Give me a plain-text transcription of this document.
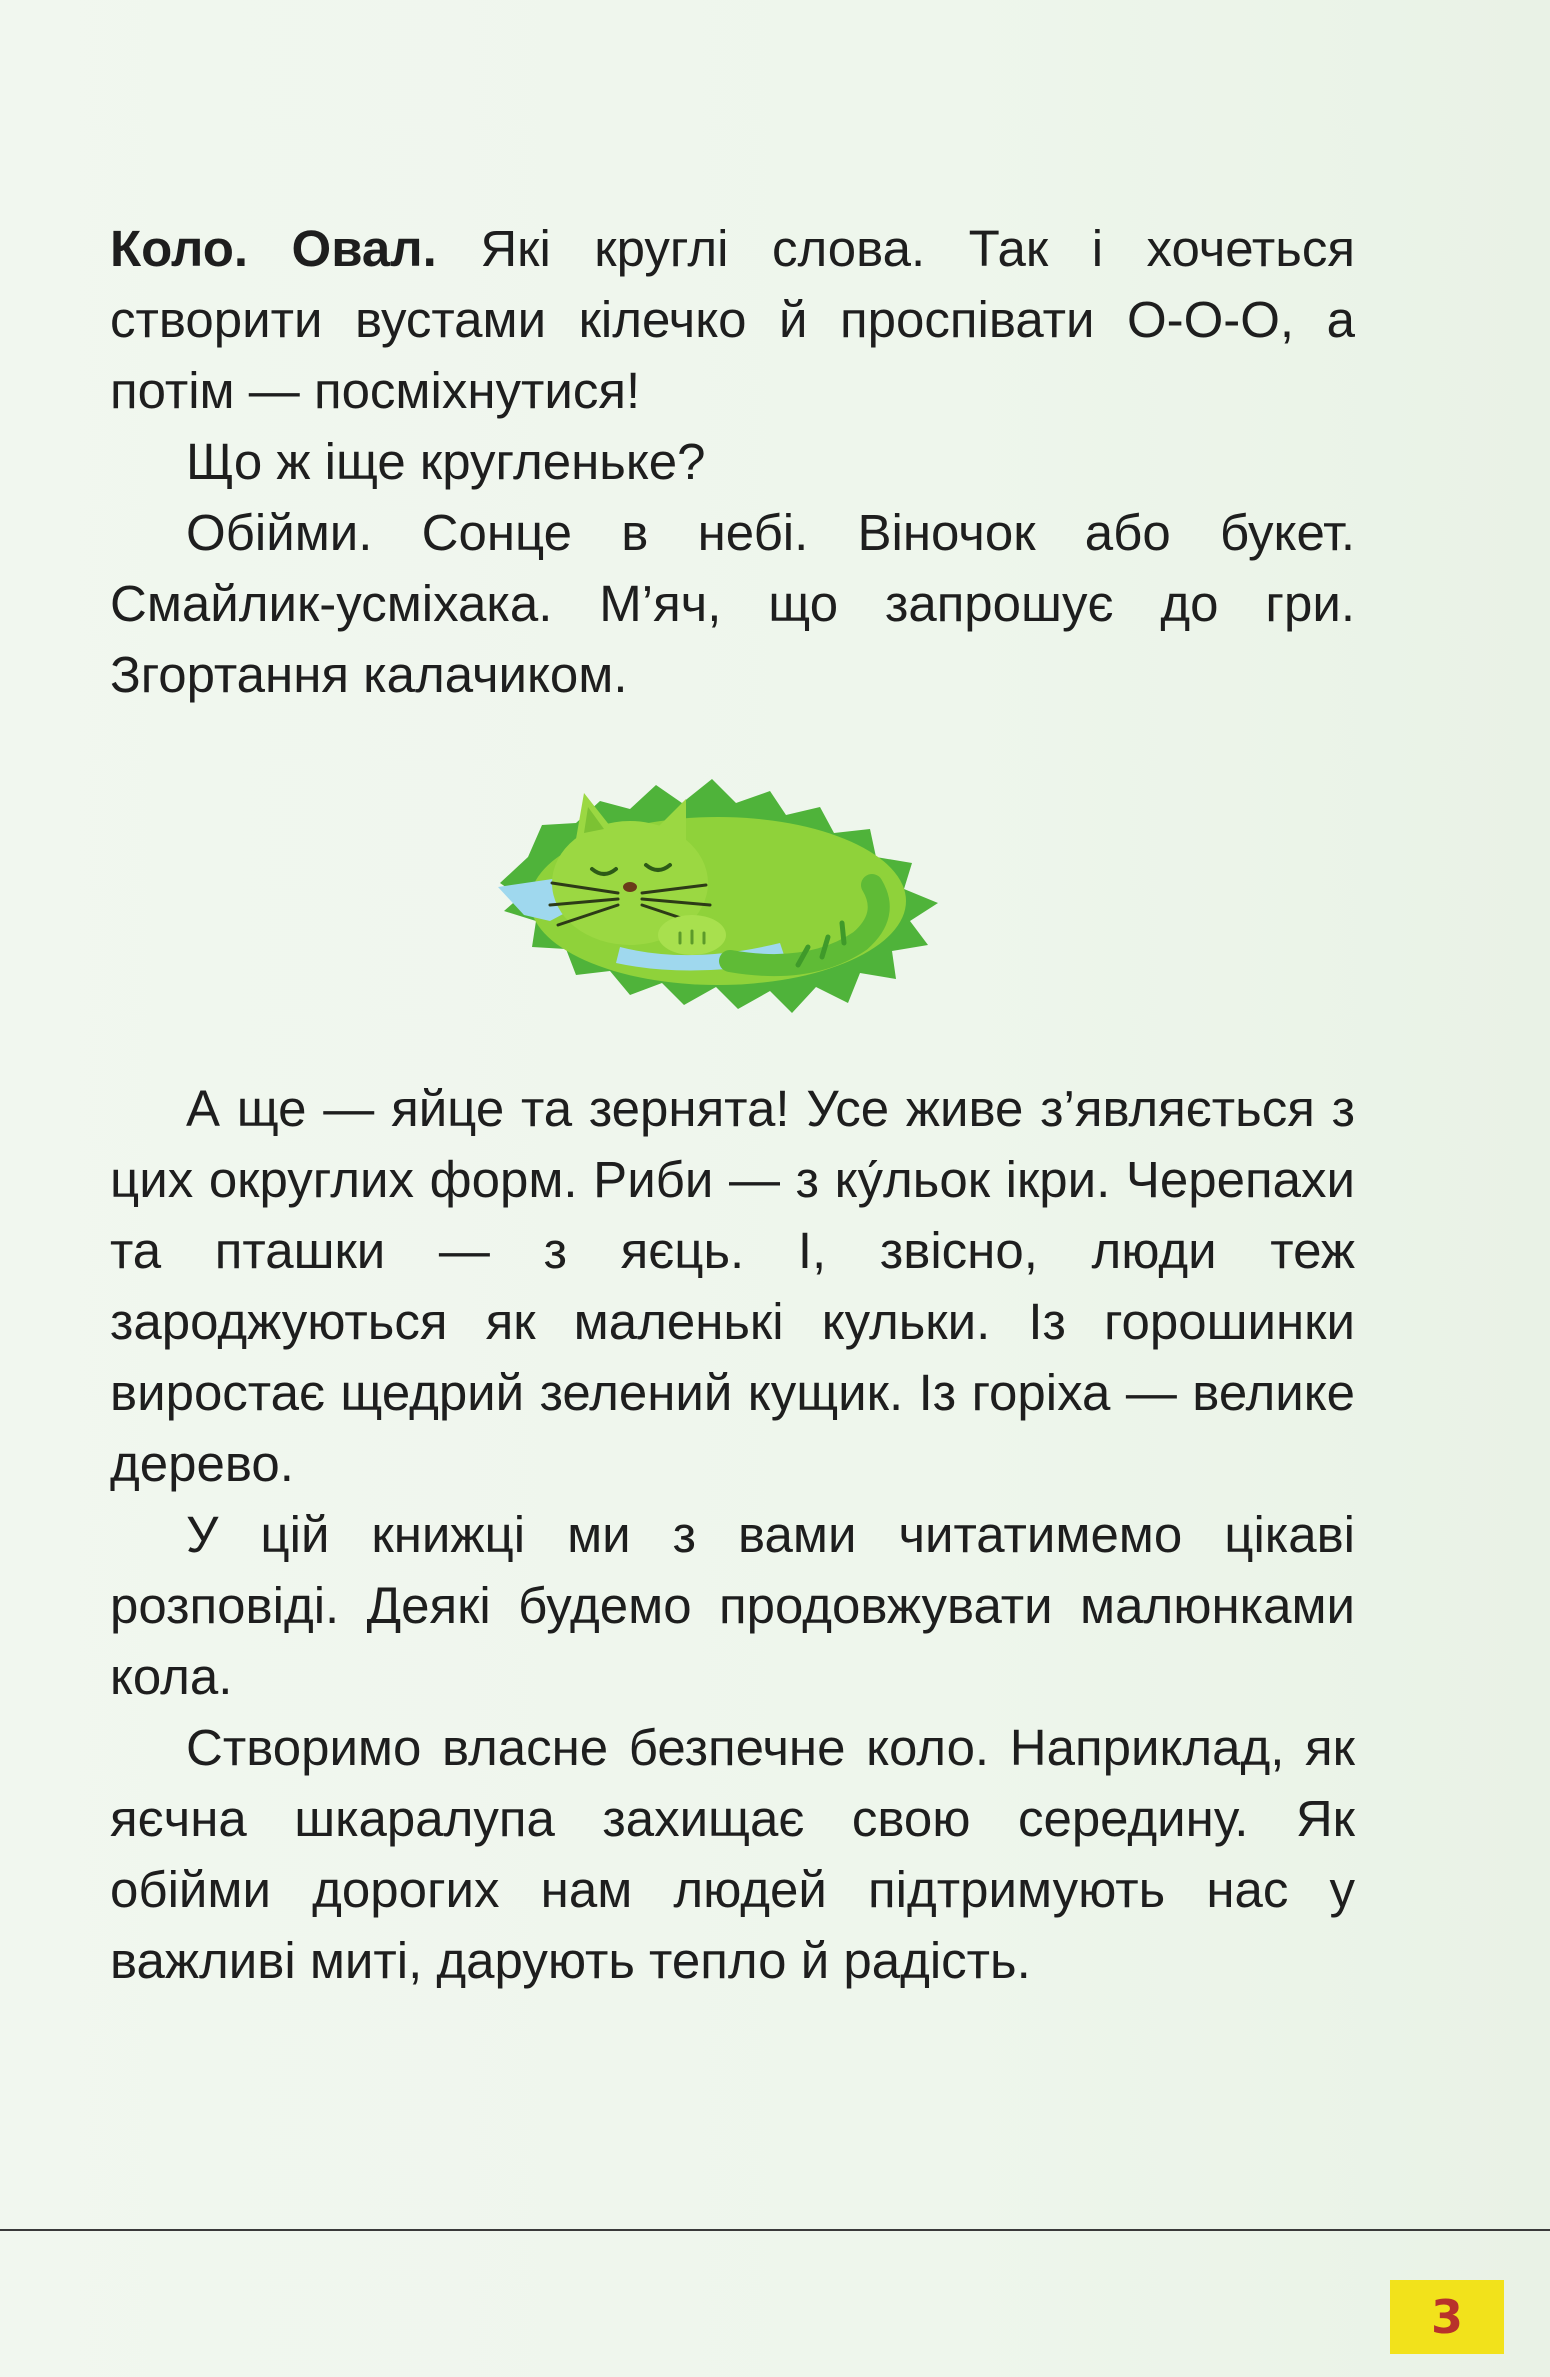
Коло. Овал. Які круглі слова. Так і хочеться створити вустами кілечко й проспівати О-О-О, а потім — посміхнутися!

Що ж іще кругленьке?

Обійми. Сонце в небі. Віночок або букет. Смайлик-усміхака. М’яч, що запрошує до гри. Згортання калачиком.

А ще — яйце та зернята! Усе живе з’являється з цих округлих форм. Риби — з ку́льок ікри. Черепахи та пташки — з яєць. І, звісно, люди теж зароджуються як маленькі кульки. Із горошинки виростає щедрий зелений кущик. Із горіха — велике дерево.

У цій книжці ми з вами читатимемо цікаві розповіді. Деякі будемо продовжувати малюнками кола.

Створимо власне безпечне коло. Наприклад, як яєчна шкаралупа захищає свою середину. Як обійми дорогих нам людей підтримують нас у важливі миті, дарують тепло й радість.

3
